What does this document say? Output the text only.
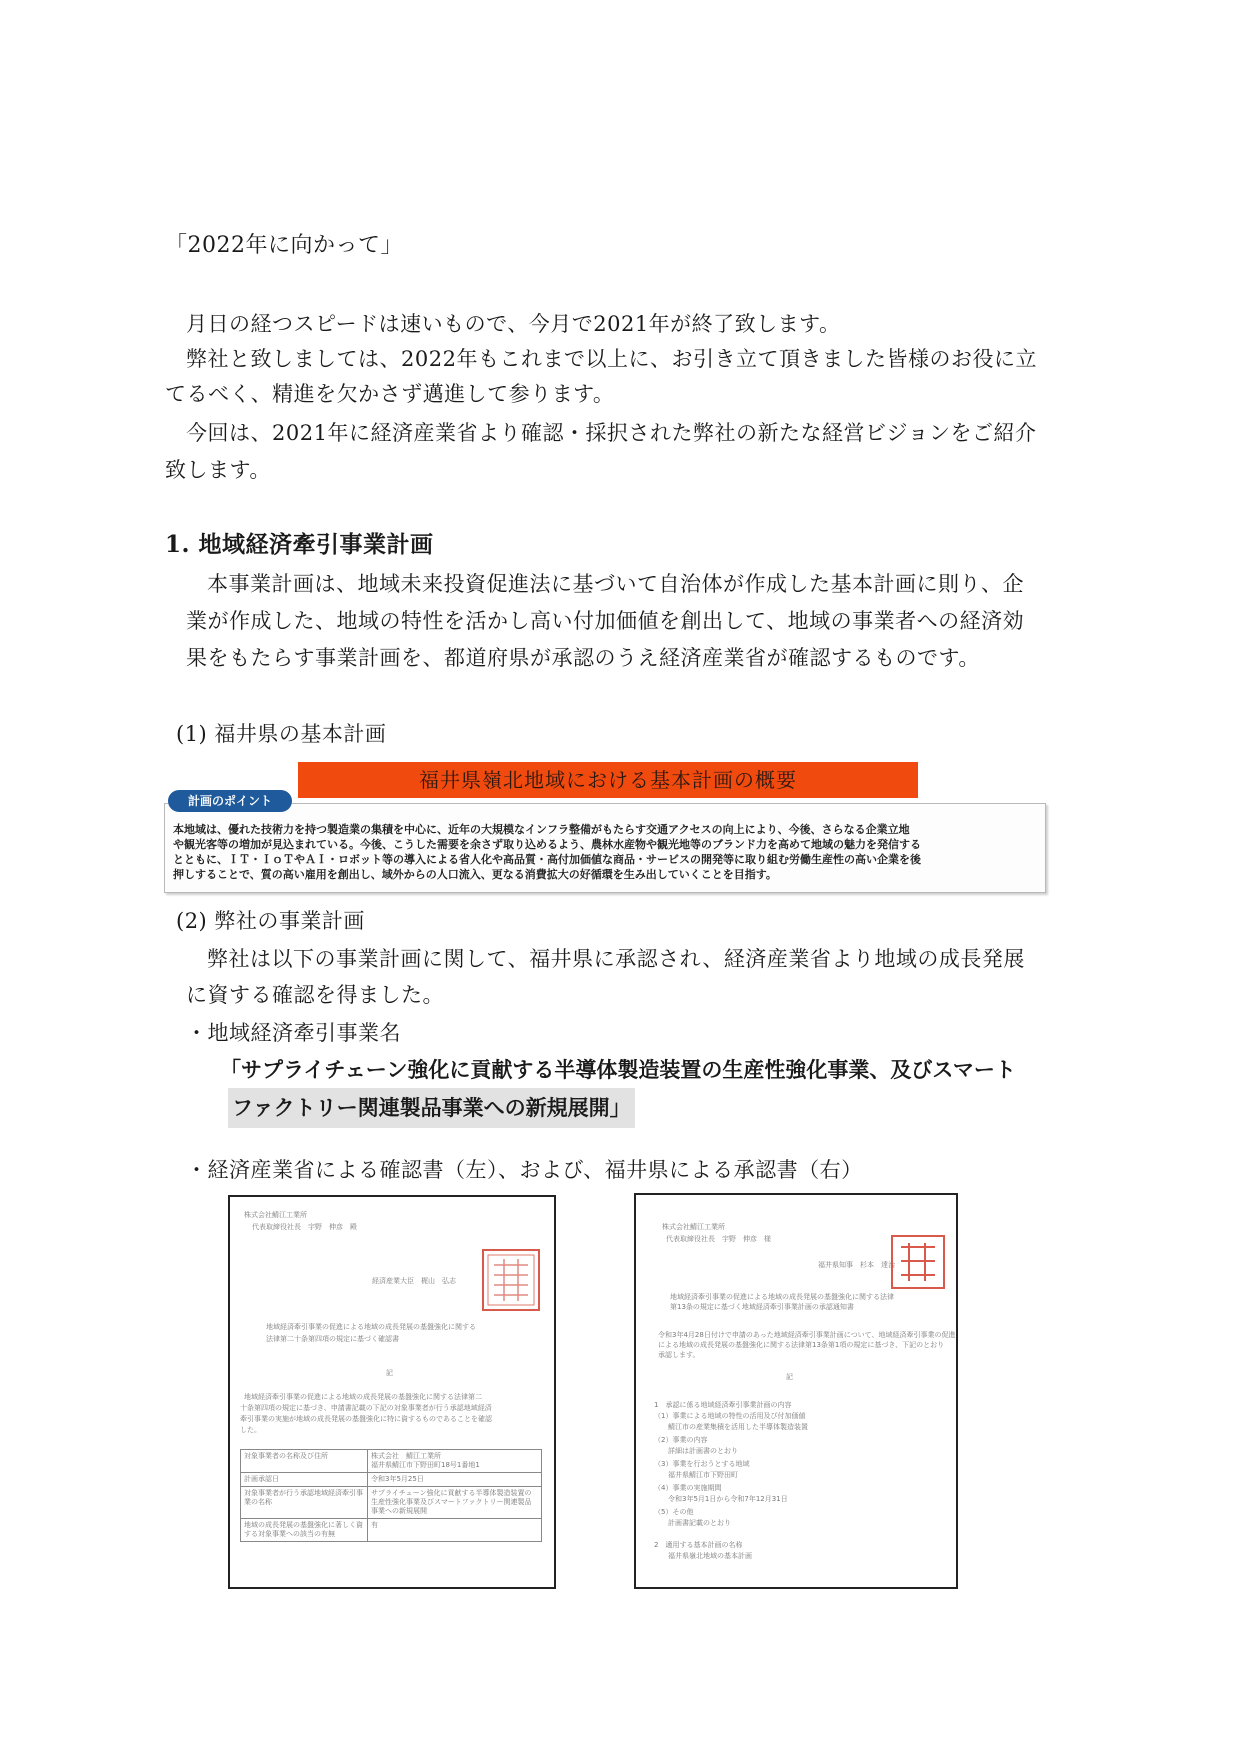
「2022年に向かって」
月日の経つスピードは速いもので、今月で2021年が終了致します。
弊社と致しましては、2022年もこれまで以上に、お引き立て頂きました皆様のお役に立
てるべく、精進を欠かさず邁進して参ります。
今回は、2021年に経済産業省より確認・採択された弊社の新たな経営ビジョンをご紹介
致します。
1. 地域経済牽引事業計画
本事業計画は、地域未来投資促進法に基づいて自治体が作成した基本計画に則り、企
業が作成した、地域の特性を活かし高い付加価値を創出して、地域の事業者への経済効
果をもたらす事業計画を、都道府県が承認のうえ経済産業省が確認するものです。
(1) 福井県の基本計画
福井県嶺北地域における基本計画の概要
計画のポイント
本地域は、優れた技術力を持つ製造業の集積を中心に、近年の大規模なインフラ整備がもたらす交通アクセスの向上により、今後、さらなる企業立地
や観光客等の増加が見込まれている。今後、こうした需要を余さず取り込めるよう、農林水産物や観光地等のブランド力を高めて地域の魅力を発信する
とともに、ＩＴ・ＩｏＴやＡＩ・ロボット等の導入による省人化や高品質・高付加価値な商品・サービスの開発等に取り組む労働生産性の高い企業を後
押しすることで、質の高い雇用を創出し、域外からの人口流入、更なる消費拡大の好循環を生み出していくことを目指す。
(2) 弊社の事業計画
弊社は以下の事業計画に関して、福井県に承認され、経済産業省より地域の成長発展
に資する確認を得ました。
・地域経済牽引事業名
「サプライチェーン強化に貢献する半導体製造装置の生産性強化事業、及びスマート
ファクトリー関連製品事業への新規展開」
・経済産業省による確認書（左）、および、福井県による承認書（右）
株式会社鯖江工業所
代表取締役社長　宇野　伸彦　殿
経済産業大臣　梶山　弘志
地域経済牽引事業の促進による地域の成長発展の基盤強化に関する
法律第二十条第四項の規定に基づく確認書
記
地域経済牽引事業の促進による地域の成長発展の基盤強化に関する法律第二
十条第四項の規定に基づき、申請書記載の下記の対象事業者が行う承認地域経済
牽引事業の実施が地域の成長発展の基盤強化に特に資するものであることを確認
した。
対象事業者の名称及び住所	株式会社　鯖江工業所
福井県鯖江市下野田町18号1番地1
計画承認日	令和3年5月25日
対象事業者が行う承認地域経済牽引事業の名称	サプライチェーン強化に貢献する半導体製造装置の生産性強化事業及びスマートファクトリー関連製品事業への新規展開
地域の成長発展の基盤強化に著しく資する対象事業への該当の有無	有
株式会社鯖江工業所
代表取締役社長　宇野　伸彦　様
福井県知事　杉本　達治
地域経済牽引事業の促進による地域の成長発展の基盤強化に関する法律
第13条の規定に基づく地域経済牽引事業計画の承認通知書
令和3年4月28日付けで申請のあった地域経済牽引事業計画について、地域経済牽引事業の促進
による地域の成長発展の基盤強化に関する法律第13条第1項の規定に基づき、下記のとおり
承認します。
記
1　承認に係る地域経済牽引事業計画の内容
（1）事業による地域の特性の活用及び付加価値
　　鯖江市の産業集積を活用した半導体製造装置
（2）事業の内容
　　詳細は計画書のとおり
（3）事業を行おうとする地域
　　福井県鯖江市下野田町
（4）事業の実施期間
　　令和3年5月1日から令和7年12月31日
（5）その他
　　計画書記載のとおり
2　適用する基本計画の名称
　　福井県嶺北地域の基本計画
